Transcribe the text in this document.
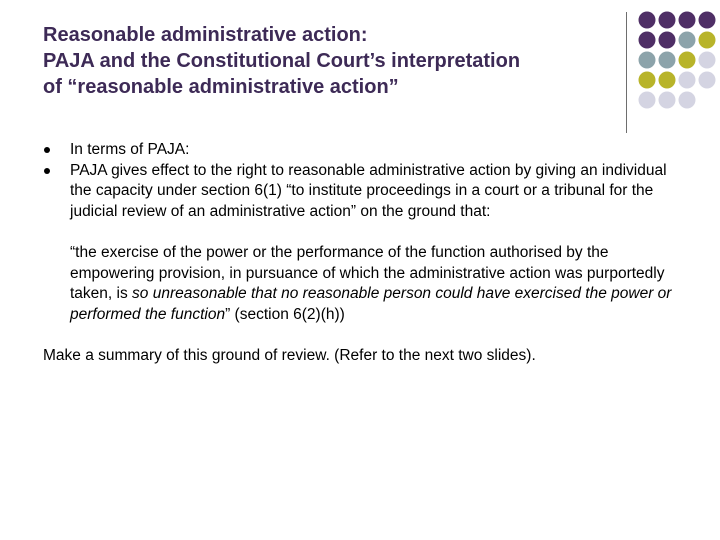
Reasonable administrative action:
PAJA and the Constitutional Court’s interpretation
of “reasonable administrative action”
In terms of PAJA:
PAJA gives effect to the right to reasonable administrative action by giving an individual the capacity under section 6(1) “to institute proceedings in a court or a tribunal for the judicial review of an administrative action” on the ground that:
“the exercise of the power or the performance of the function authorised by the empowering provision, in pursuance of which the administrative action was purportedly taken, is so unreasonable that no reasonable person could have exercised the power or performed the function” (section 6(2)(h))
Make a summary of this ground of review. (Refer to the next two slides).
